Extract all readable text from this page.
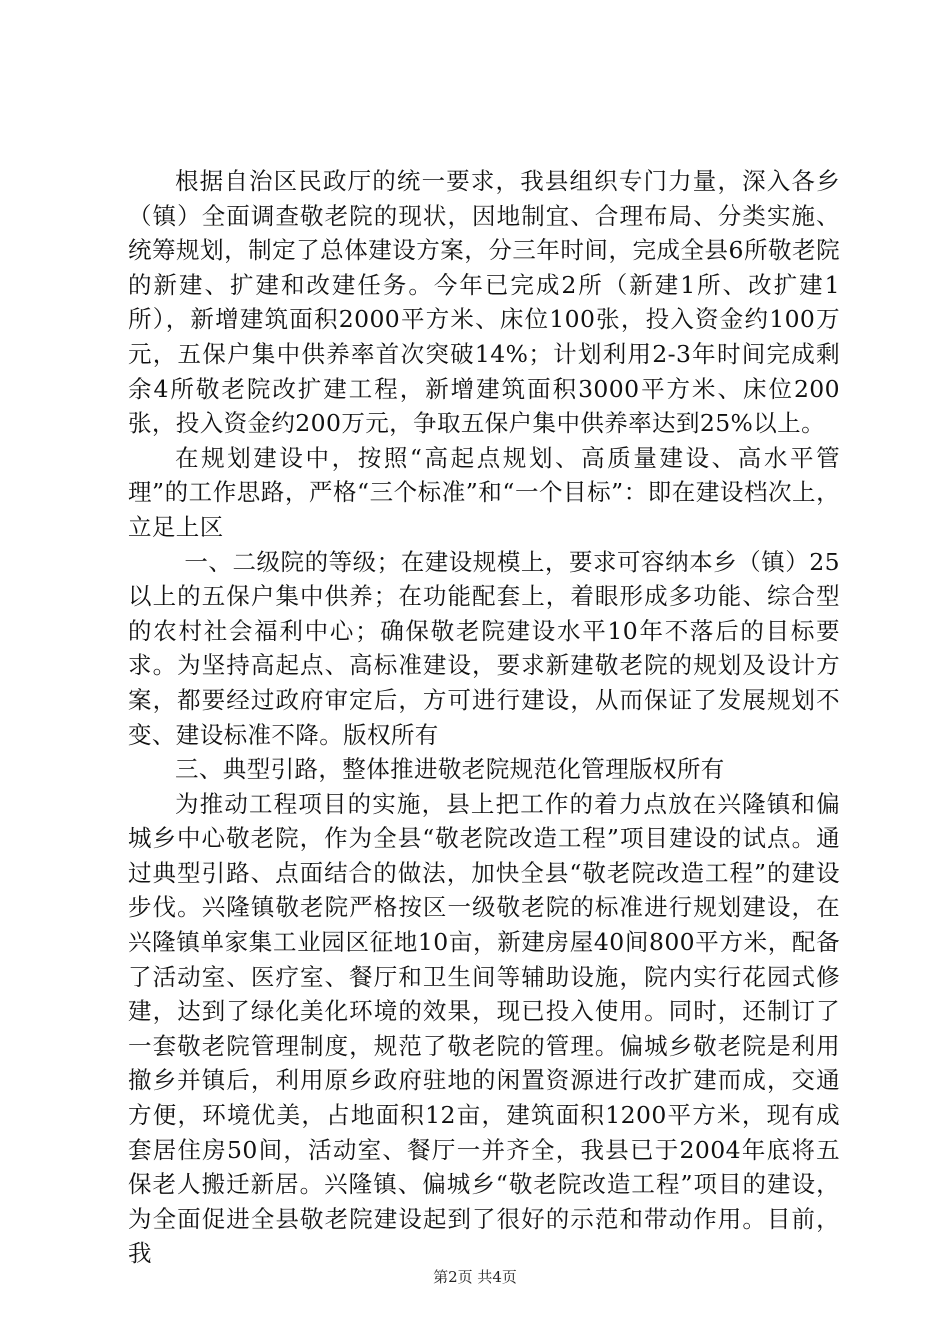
根据自治区民政厅的统一要求，我县组织专门力量，深入各乡（镇）全面调查敬老院的现状，因地制宜、合理布局、分类实施、统筹规划，制定了总体建设方案，分三年时间，完成全县6所敬老院的新建、扩建和改建任务。今年已完成2所（新建1所、改扩建1所），新增建筑面积2000平方米、床位100张，投入资金约100万元，五保户集中供养率首次突破14%；计划利用2-3年时间完成剩余4所敬老院改扩建工程，新增建筑面积3000平方米、床位200张，投入资金约200万元，争取五保户集中供养率达到25%以上。

在规划建设中，按照“高起点规划、高质量建设、高水平管理”的工作思路，严格“三个标准”和“一个目标”：即在建设档次上，立足上区

一、二级院的等级；在建设规模上，要求可容纳本乡（镇）25以上的五保户集中供养；在功能配套上，着眼形成多功能、综合型的农村社会福利中心；确保敬老院建设水平10年不落后的目标要求。为坚持高起点、高标准建设，要求新建敬老院的规划及设计方案，都要经过政府审定后，方可进行建设，从而保证了发展规划不变、建设标准不降。版权所有

三、典型引路，整体推进敬老院规范化管理版权所有

为推动工程项目的实施，县上把工作的着力点放在兴隆镇和偏城乡中心敬老院，作为全县“敬老院改造工程”项目建设的试点。通过典型引路、点面结合的做法，加快全县“敬老院改造工程”的建设步伐。兴隆镇敬老院严格按区一级敬老院的标准进行规划建设，在兴隆镇单家集工业园区征地10亩，新建房屋40间800平方米，配备了活动室、医疗室、餐厅和卫生间等辅助设施，院内实行花园式修建，达到了绿化美化环境的效果，现已投入使用。同时，还制订了一套敬老院管理制度，规范了敬老院的管理。偏城乡敬老院是利用撤乡并镇后，利用原乡政府驻地的闲置资源进行改扩建而成，交通方便，环境优美，占地面积12亩，建筑面积1200平方米，现有成套居住房50间，活动室、餐厅一并齐全，我县已于2004年底将五保老人搬迁新居。兴隆镇、偏城乡“敬老院改造工程”项目的建设，为全面促进全县敬老院建设起到了很好的示范和带动作用。目前，我

第2页 共4页
